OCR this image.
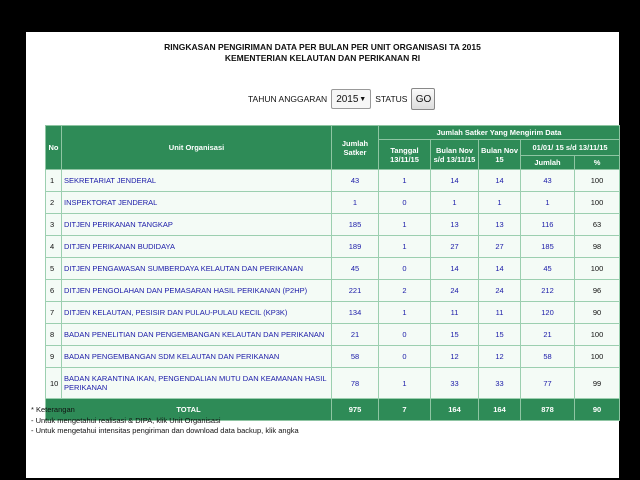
RINGKASAN PENGIRIMAN DATA PER BULAN PER UNIT ORGANISASI TA 2015
KEMENTERIAN KELAUTAN DAN PERIKANAN RI
TAHUN ANGGARAN 2015 ▼ STATUS GO
No	Unit Organisasi	Jumlah Satker	Jumlah Satker Yang Mengirim Data				
			Tanggal 13/11/15	Bulan Nov s/d 13/11/15	Bulan Nov 15	01/01/ 15 s/d 13/11/15	
						Jumlah	%
1	SEKRETARIAT JENDERAL	43	1	14	14	43	100
2	INSPEKTORAT JENDERAL	1	0	1	1	1	100
3	DITJEN PERIKANAN TANGKAP	185	1	13	13	116	63
4	DITJEN PERIKANAN BUDIDAYA	189	1	27	27	185	98
5	DITJEN PENGAWASAN SUMBERDAYA KELAUTAN DAN PERIKANAN	45	0	14	14	45	100
6	DITJEN PENGOLAHAN DAN PEMASARAN HASIL PERIKANAN (P2HP)	221	2	24	24	212	96
7	DITJEN KELAUTAN, PESISIR DAN PULAU-PULAU KECIL (KP3K)	134	1	11	11	120	90
8	BADAN PENELITIAN DAN PENGEMBANGAN KELAUTAN DAN PERIKANAN	21	0	15	15	21	100
9	BADAN PENGEMBANGAN SDM KELAUTAN DAN PERIKANAN	58	0	12	12	58	100
10	BADAN KARANTINA IKAN, PENGENDALIAN MUTU DAN KEAMANAN HASIL PERIKANAN	78	1	33	33	77	99
TOTAL		975	7	164	164	878	90
* Keterangan
- Untuk mengetahui realisasi & DIPA, klik Unit Organisasi
- Untuk mengetahui intensitas pengiriman dan download data backup, klik angka
